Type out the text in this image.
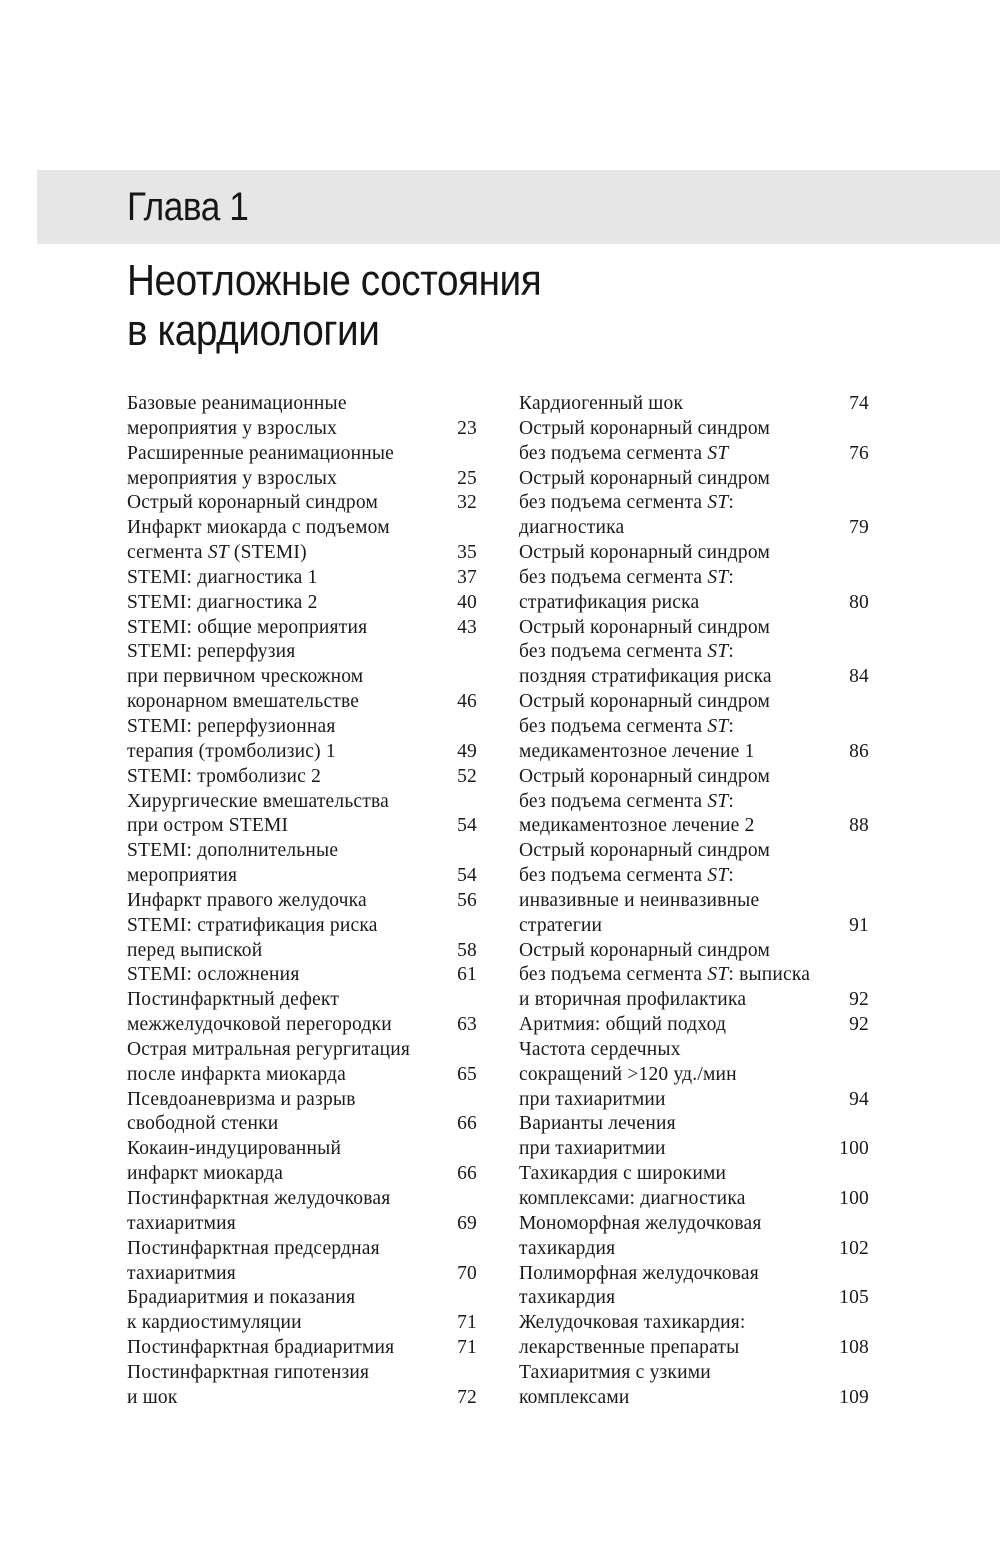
Глава 1
Неотложные состояния
в кардиологии
Базовые реанимационные
мероприятия у взрослых	23
Расширенные реанимационные
мероприятия у взрослых	25
Острый коронарный синдром	32
Инфаркт миокарда с подъемом
сегмента ST (STEMI)	35
STEMI: диагностика 1	37
STEMI: диагностика 2	40
STEMI: общие мероприятия	43
STEMI: реперфузия
при первичном чрескожном
коронарном вмешательстве	46
STEMI: реперфузионная
терапия (тромболизис) 1	49
STEMI: тромболизис 2	52
Хирургические вмешательства
при остром STEMI	54
STEMI: дополнительные
мероприятия	54
Инфаркт правого желудочка	56
STEMI: стратификация риска
перед выпиской	58
STEMI: осложнения	61
Постинфарктный дефект
межжелудочковой перегородки	63
Острая митральная регургитация
после инфаркта миокарда	65
Псевдоаневризма и разрыв
свободной стенки	66
Кокаин-индуцированный
инфаркт миокарда	66
Постинфарктная желудочковая
тахиаритмия	69
Постинфарктная предсердная
тахиаритмия	70
Брадиаритмия и показания
к кардиостимуляции	71
Постинфарктная брадиаритмия	71
Постинфарктная гипотензия
и шок	72
Кардиогенный шок	74
Острый коронарный синдром
без подъема сегмента ST	76
Острый коронарный синдром
без подъема сегмента ST:
диагностика	79
Острый коронарный синдром
без подъема сегмента ST:
стратификация риска	80
Острый коронарный синдром
без подъема сегмента ST:
поздняя стратификация риска	84
Острый коронарный синдром
без подъема сегмента ST:
медикаментозное лечение 1	86
Острый коронарный синдром
без подъема сегмента ST:
медикаментозное лечение 2	88
Острый коронарный синдром
без подъема сегмента ST:
инвазивные и неинвазивные
стратегии	91
Острый коронарный синдром
без подъема сегмента ST: выписка
и вторичная профилактика	92
Аритмия: общий подход	92
Частота сердечных
сокращений >120 уд./мин
при тахиаритмии	94
Варианты лечения
при тахиаритмии	100
Тахикардия с широкими
комплексами: диагностика	100
Мономорфная желудочковая
тахикардия	102
Полиморфная желудочковая
тахикардия	105
Желудочковая тахикардия:
лекарственные препараты	108
Тахиаритмия с узкими
комплексами	109
